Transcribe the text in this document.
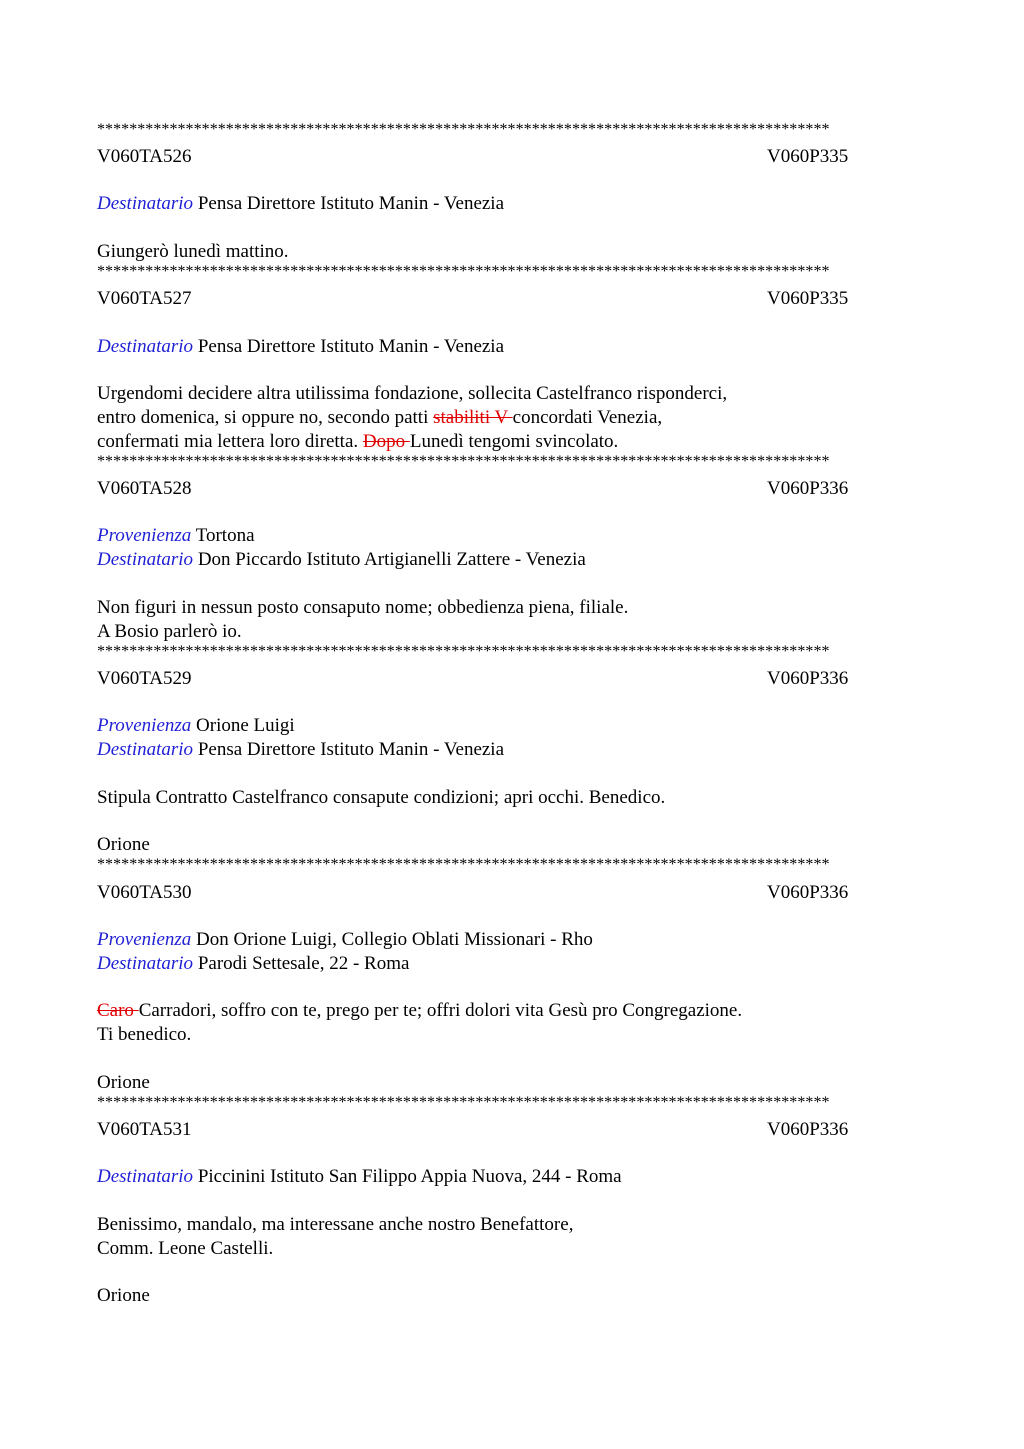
*******************************************************************************************
V060TA526	V060P335
Destinatario Pensa Direttore Istituto Manin - Venezia
Giungerò lunedì mattino.
*******************************************************************************************
V060TA527	V060P335
Destinatario Pensa Direttore Istituto Manin - Venezia
Urgendomi decidere altra utilissima fondazione, sollecita Castelfranco risponderci,
entro domenica, si oppure no, secondo patti stabiliti V concordati Venezia,
confermati mia lettera loro diretta. Dopo Lunedì tengomi svincolato.
*******************************************************************************************
V060TA528	V060P336
Provenienza Tortona
Destinatario Don Piccardo Istituto Artigianelli Zattere - Venezia
Non figuri in nessun posto consaputo nome; obbedienza piena, filiale.
A Bosio parlerò io.
*******************************************************************************************
V060TA529	V060P336
Provenienza Orione Luigi
Destinatario Pensa Direttore Istituto Manin - Venezia
Stipula Contratto Castelfranco consapute condizioni; apri occhi. Benedico.
Orione
*******************************************************************************************
V060TA530	V060P336
Provenienza Don Orione Luigi, Collegio Oblati Missionari - Rho
Destinatario Parodi Settesale, 22 - Roma
Caro Carradori, soffro con te, prego per te; offri dolori vita Gesù pro Congregazione.
Ti benedico.
Orione
*******************************************************************************************
V060TA531	V060P336
Destinatario Piccinini Istituto San Filippo Appia Nuova, 244 - Roma
Benissimo, mandalo, ma interessane anche nostro Benefattore,
Comm. Leone Castelli.
Orione
